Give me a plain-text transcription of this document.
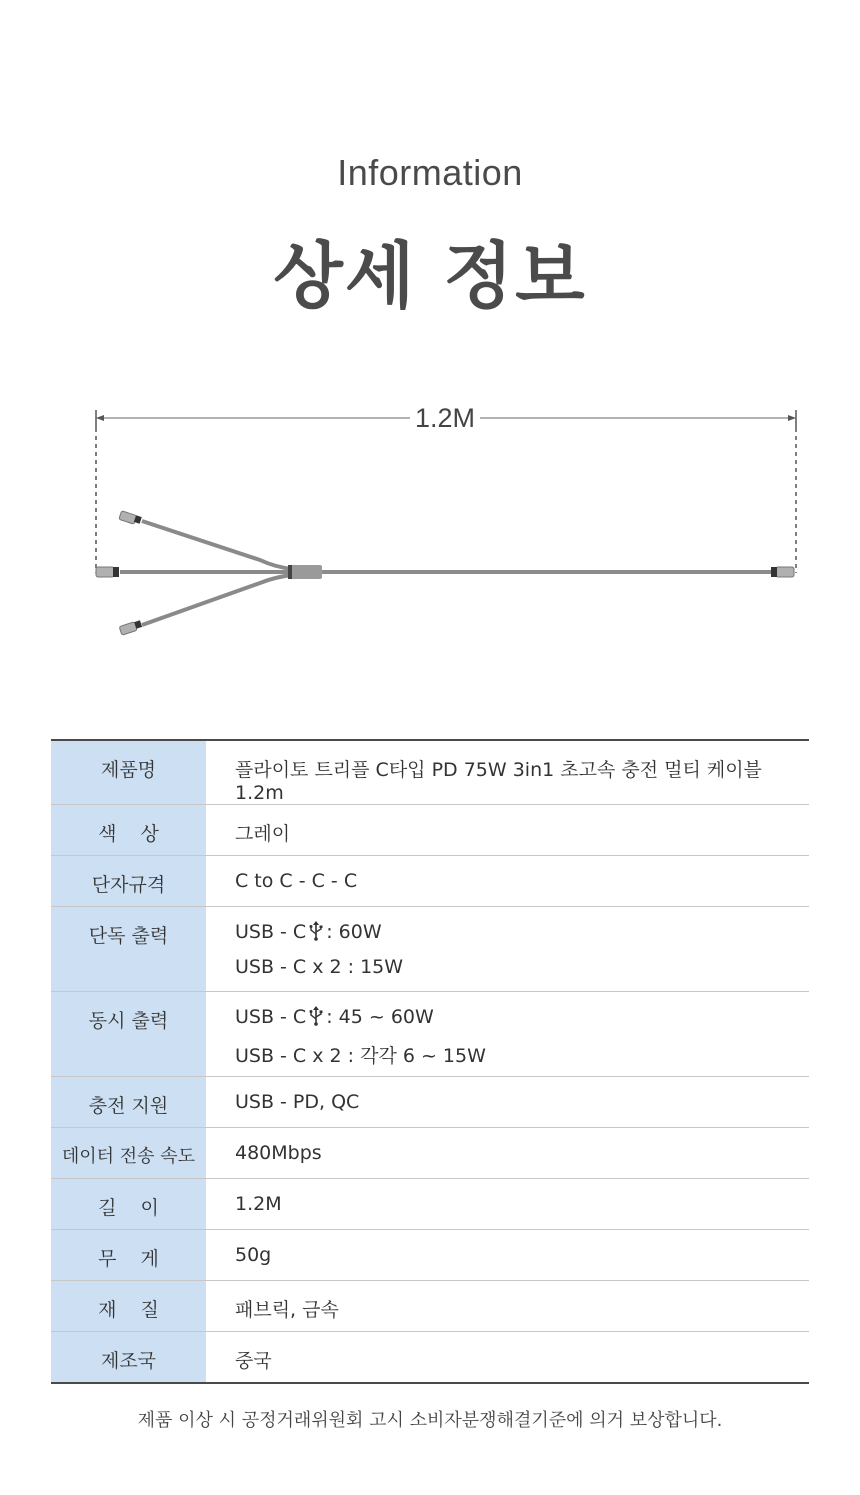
Information
상세 정보
1.2M
제품명	플라이토 트리플 C타입 PD 75W 3in1 초고속 충전 멀티 케이블 1.2m
색 상	그레이
단자규격	C to C - C - C
단독 출력	USB - C : 60W
USB - C x 2 : 15W

동시 출력	USB - C : 45 ~ 60W
USB - C x 2 : 각각 6 ~ 15W

충전 지원	USB - PD, QC
데이터 전송 속도	480Mbps
길 이	1.2M
무 게	50g
재 질	패브릭, 금속
제조국	중국
제품 이상 시 공정거래위원회 고시 소비자분쟁해결기준에 의거 보상합니다.
